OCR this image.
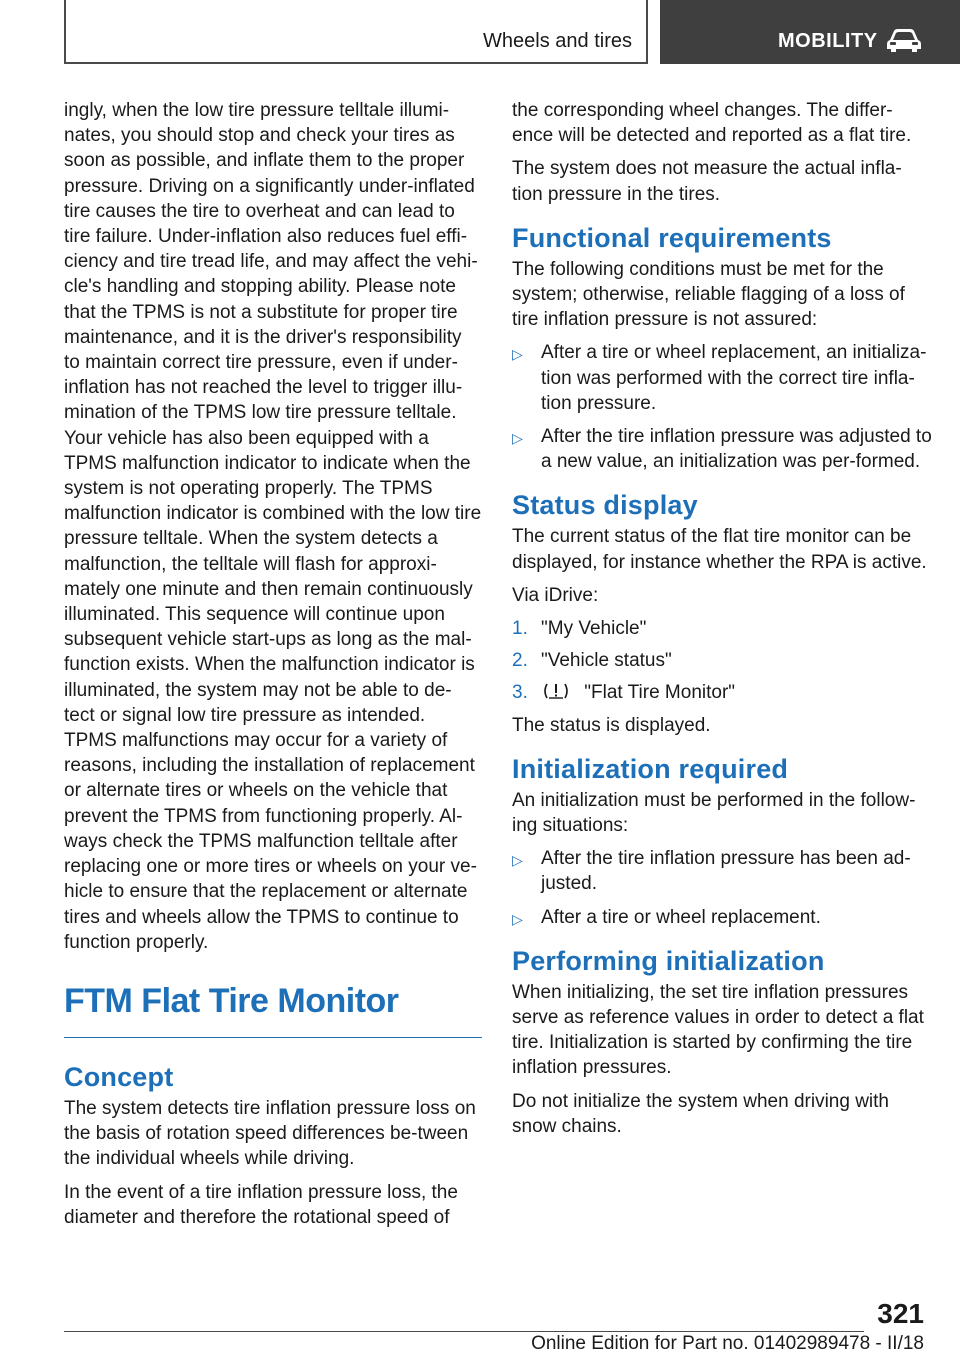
Wheels and tires	MOBILITY

ingly, when the low tire pressure telltale illumi-nates, you should stop and check your tires as soon as possible, and inflate them to the proper pressure. Driving on a significantly under-inflated tire causes the tire to overheat and can lead to tire failure. Under-inflation also reduces fuel effi-ciency and tire tread life, and may affect the vehi-cle's handling and stopping ability. Please note that the TPMS is not a substitute for proper tire maintenance, and it is the driver's responsibility to maintain correct tire pressure, even if under-inflation has not reached the level to trigger illu-mination of the TPMS low tire pressure telltale. Your vehicle has also been equipped with a TPMS malfunction indicator to indicate when the system is not operating properly. The TPMS malfunction indicator is combined with the low tire pressure telltale. When the system detects a malfunction, the telltale will flash for approxi-mately one minute and then remain continuously illuminated. This sequence will continue upon subsequent vehicle start-ups as long as the mal-function exists. When the malfunction indicator is illuminated, the system may not be able to de-tect or signal low tire pressure as intended. TPMS malfunctions may occur for a variety of reasons, including the installation of replacement or alternate tires or wheels on the vehicle that prevent the TPMS from functioning properly. Al-ways check the TPMS malfunction telltale after replacing one or more tires or wheels on your ve-hicle to ensure that the replacement or alternate tires and wheels allow the TPMS to continue to function properly.

FTM Flat Tire Monitor
Concept

The system detects tire inflation pressure loss on the basis of rotation speed differences be-tween the individual wheels while driving.

In the event of a tire inflation pressure loss, the diameter and therefore the rotational speed of

the corresponding wheel changes. The differ-ence will be detected and reported as a flat tire.

The system does not measure the actual infla-tion pressure in the tires.

Functional requirements

The following conditions must be met for the system; otherwise, reliable flagging of a loss of tire inflation pressure is not assured:

▷ After a tire or wheel replacement, an initializa-tion was performed with the correct tire infla-tion pressure.
▷ After the tire inflation pressure was adjusted to a new value, an initialization was per-formed.
Status display

The current status of the flat tire monitor can be displayed, for instance whether the RPA is active.

Via iDrive:

1. "My Vehicle"
2. "Vehicle status"
3.	"Flat Tire Monitor"

The status is displayed.

Initialization required

An initialization must be performed in the follow-ing situations:

▷ After the tire inflation pressure has been ad-justed.
▷ After a tire or wheel replacement.
Performing initialization

When initializing, the set tire inflation pressures serve as reference values in order to detect a flat tire. Initialization is started by confirming the tire inflation pressures.

Do not initialize the system when driving with snow chains.

321
Online Edition for Part no. 01402989478 - II/18
